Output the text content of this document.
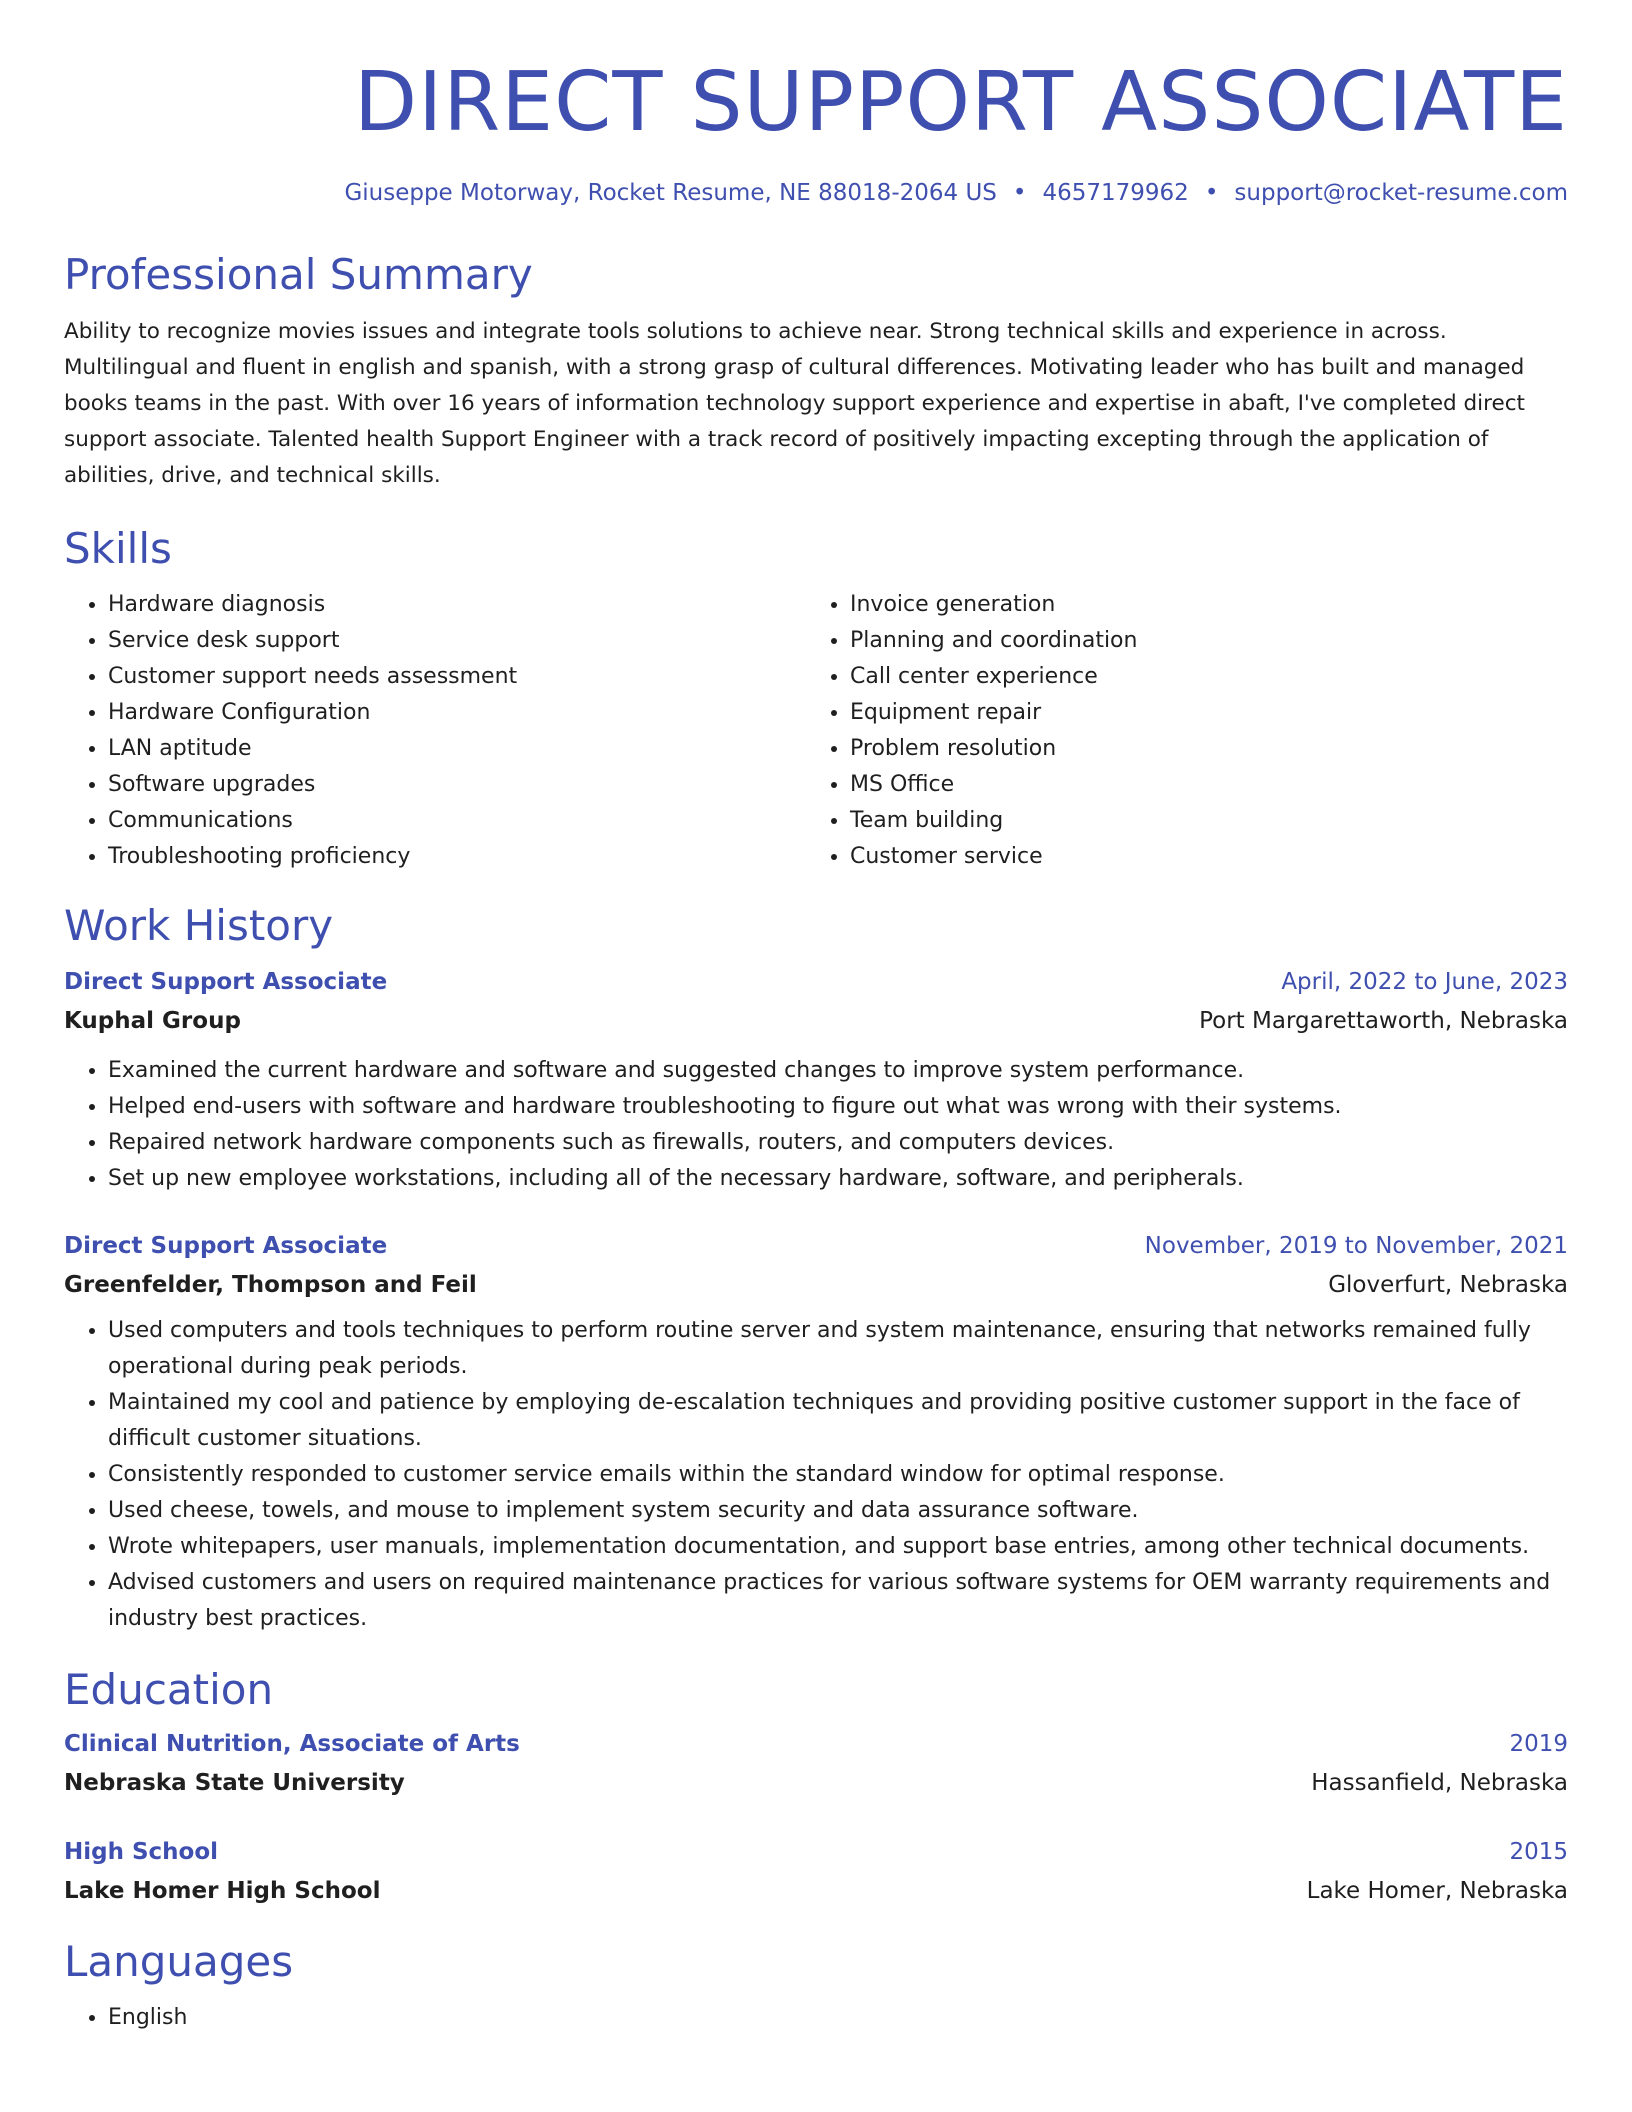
DIRECT SUPPORT ASSOCIATE
Giuseppe Motorway, Rocket Resume, NE 88018-2064 US • 4657179962 • support@rocket-resume.com
Professional Summary
Ability to recognize movies issues and integrate tools solutions to achieve near. Strong technical skills and experience in across. Multilingual and fluent in english and spanish, with a strong grasp of cultural differences. Motivating leader who has built and managed books teams in the past. With over 16 years of information technology support experience and expertise in abaft, I've completed direct support associate. Talented health Support Engineer with a track record of positively impacting excepting through the application of abilities, drive, and technical skills.
Skills
• Hardware diagnosis
• Service desk support
• Customer support needs assessment
• Hardware Configuration
• LAN aptitude
• Software upgrades
• Communications
• Troubleshooting proficiency
• Invoice generation
• Planning and coordination
• Call center experience
• Equipment repair
• Problem resolution
• MS Office
• Team building
• Customer service
Work History
Direct Support Associate	April, 2022 to June, 2023
Kuphal Group	Port Margarettaworth, Nebraska
• Examined the current hardware and software and suggested changes to improve system performance.
• Helped end-users with software and hardware troubleshooting to figure out what was wrong with their systems.
• Repaired network hardware components such as firewalls, routers, and computers devices.
• Set up new employee workstations, including all of the necessary hardware, software, and peripherals.
Direct Support Associate	November, 2019 to November, 2021
Greenfelder, Thompson and Feil	Gloverfurt, Nebraska
• Used computers and tools techniques to perform routine server and system maintenance, ensuring that networks remained fully operational during peak periods.
• Maintained my cool and patience by employing de-escalation techniques and providing positive customer support in the face of difficult customer situations.
• Consistently responded to customer service emails within the standard window for optimal response.
• Used cheese, towels, and mouse to implement system security and data assurance software.
• Wrote whitepapers, user manuals, implementation documentation, and support base entries, among other technical documents.
• Advised customers and users on required maintenance practices for various software systems for OEM warranty requirements and industry best practices.
Education
Clinical Nutrition, Associate of Arts	2019
Nebraska State University	Hassanfield, Nebraska
High School	2015
Lake Homer High School	Lake Homer, Nebraska
Languages
• English
